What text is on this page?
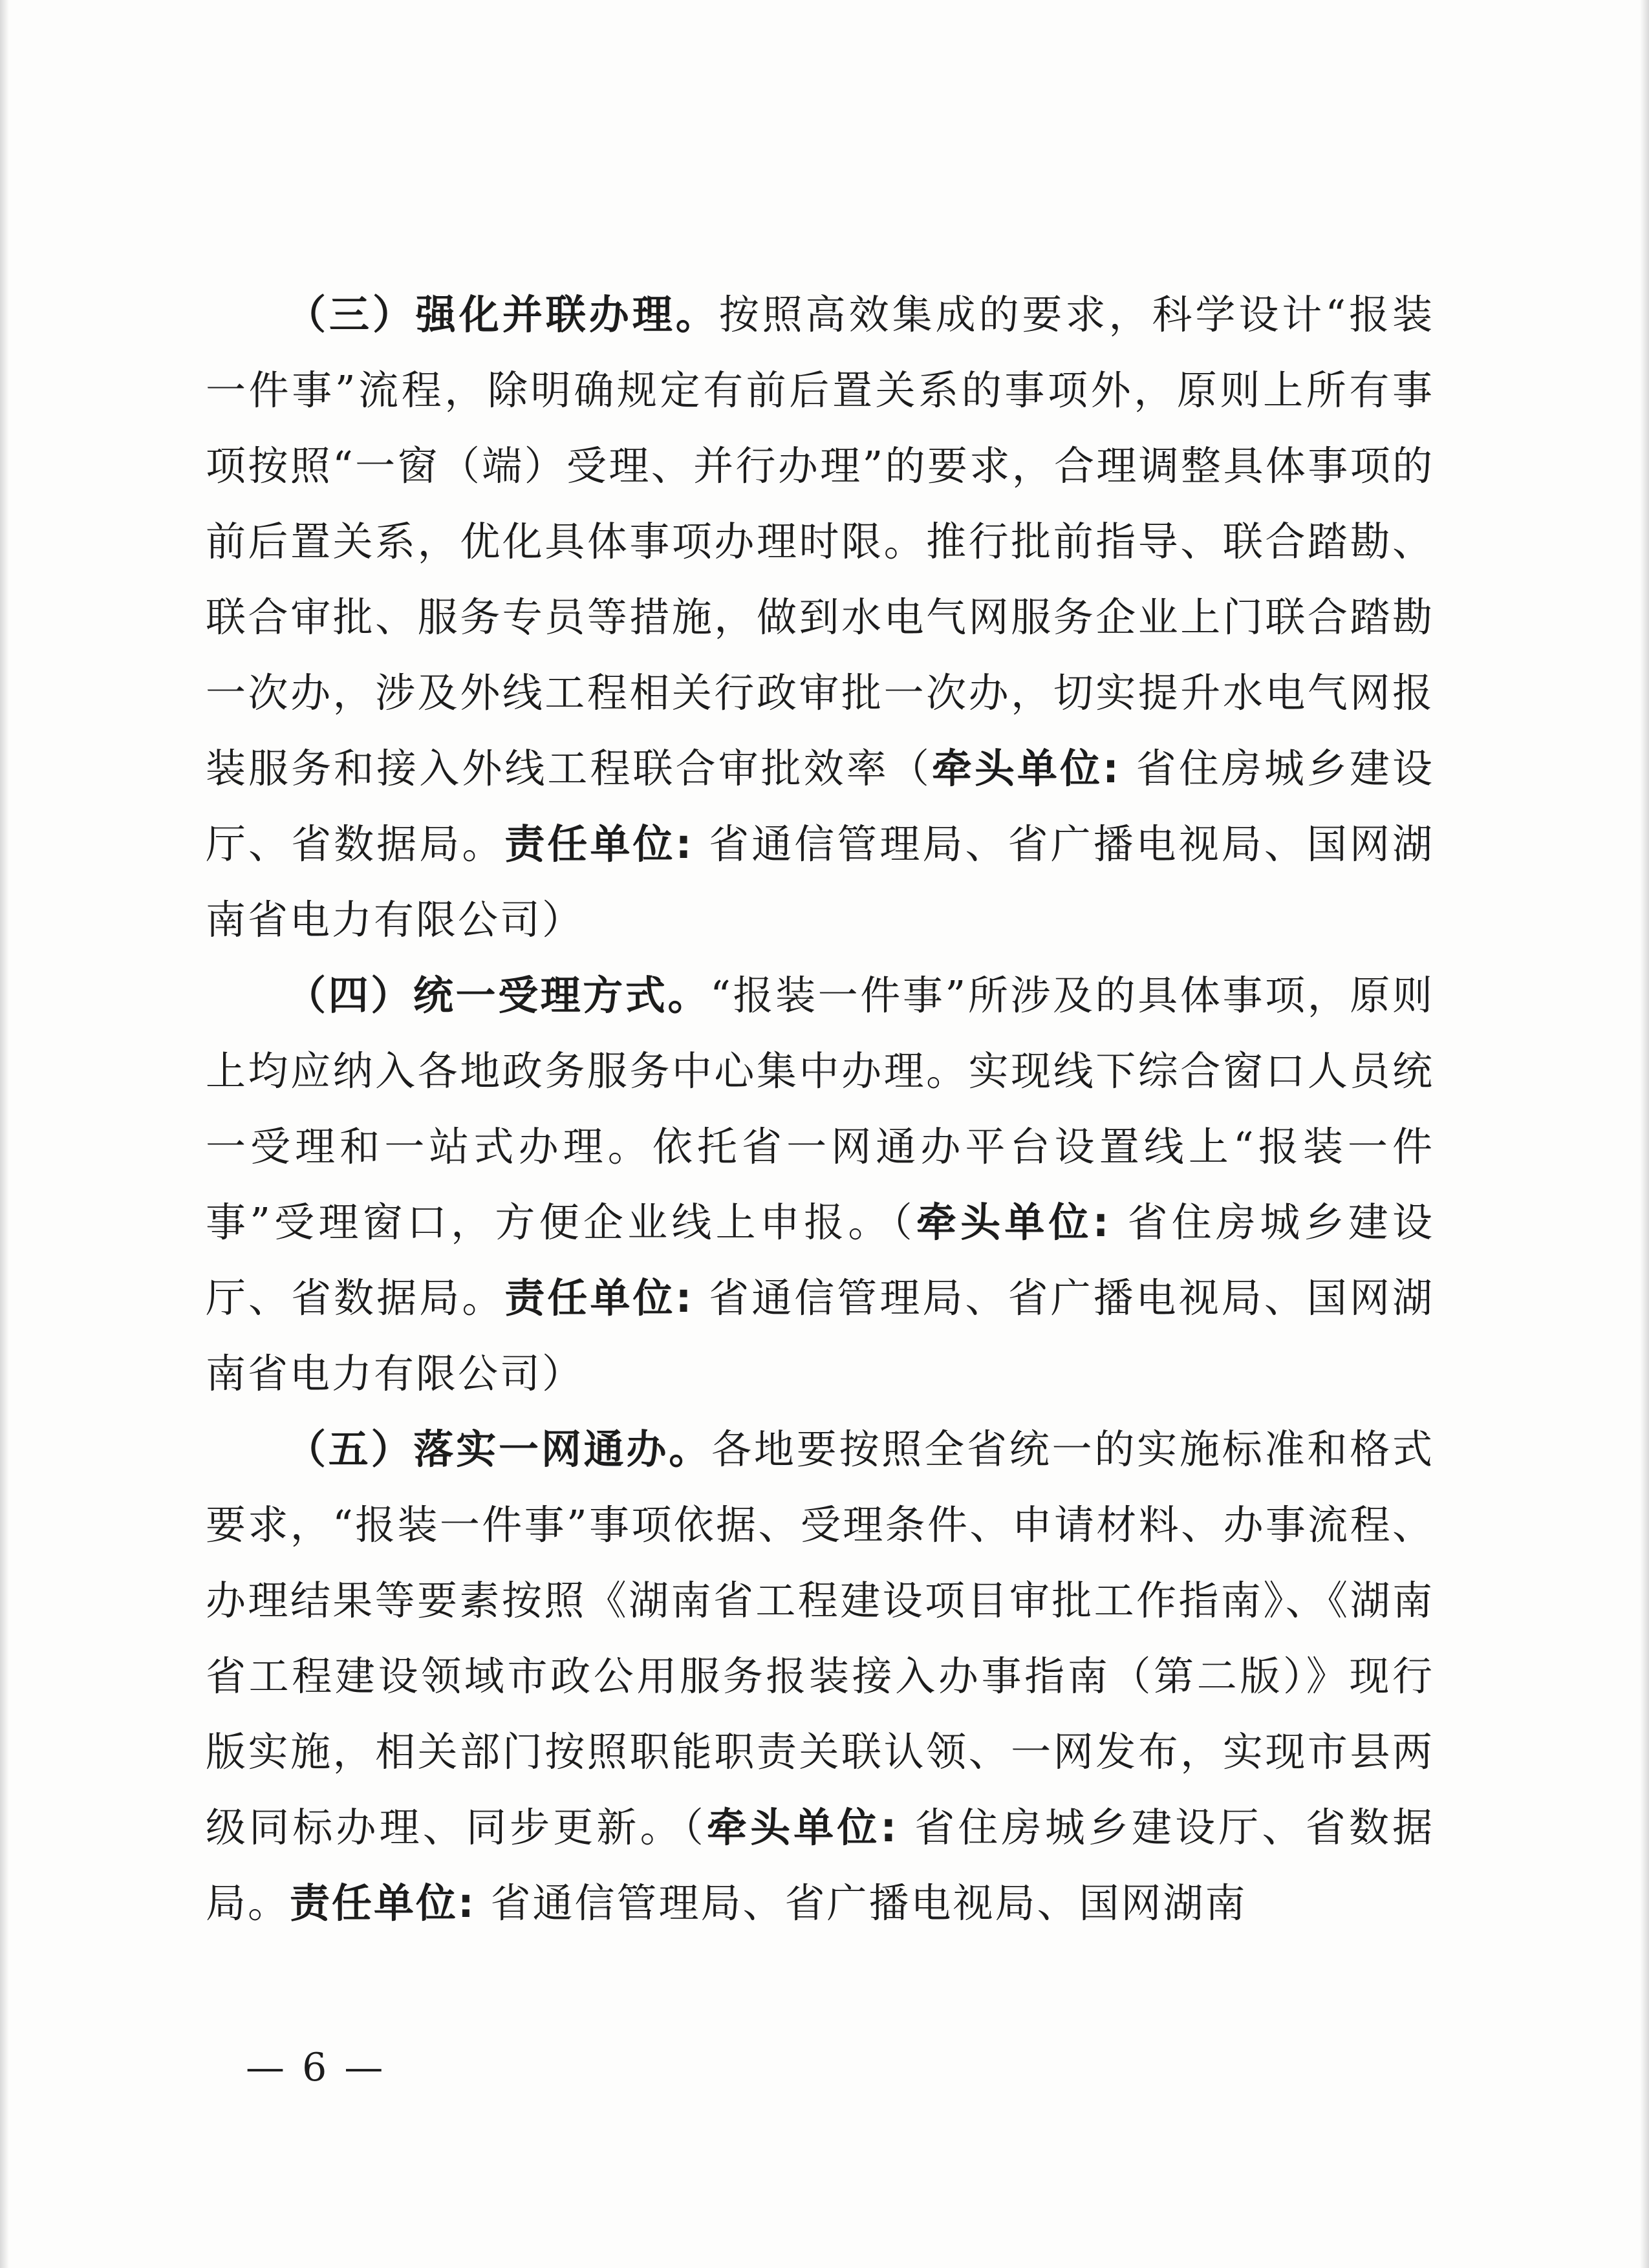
（三）强化并联办理。按照高效集成的要求，科学设计“报装一件事”流程，除明确规定有前后置关系的事项外，原则上所有事项按照“一窗（端）受理、并行办理”的要求，合理调整具体事项的前后置关系，优化具体事项办理时限。推行批前指导、联合踏勘、联合审批、服务专员等措施，做到水电气网服务企业上门联合踏勘一次办，涉及外线工程相关行政审批一次办，切实提升水电气网报装服务和接入外线工程联合审批效率（牵头单位: 省住房城乡建设厅、省数据局。责任单位: 省通信管理局、省广播电视局、国网湖南省电力有限公司）

（四）统一受理方式。“报装一件事”所涉及的具体事项，原则上均应纳入各地政务服务中心集中办理。实现线下综合窗口人员统一受理和一站式办理。依托省一网通办平台设置线上“报装一件事”受理窗口，方便企业线上申报。（牵头单位: 省住房城乡建设厅、省数据局。责任单位: 省通信管理局、省广播电视局、国网湖南省电力有限公司）

（五）落实一网通办。各地要按照全省统一的实施标准和格式要求，“报装一件事”事项依据、受理条件、申请材料、办事流程、办理结果等要素按照《湖南省工程建设项目审批工作指南》、《湖南省工程建设领域市政公用服务报装接入办事指南（第二版）》现行版实施，相关部门按照职能职责关联认领、一网发布，实现市县两级同标办理、同步更新。（牵头单位: 省住房城乡建设厅、省数据局。责任单位: 省通信管理局、省广播电视局、国网湖南

— 6 —
